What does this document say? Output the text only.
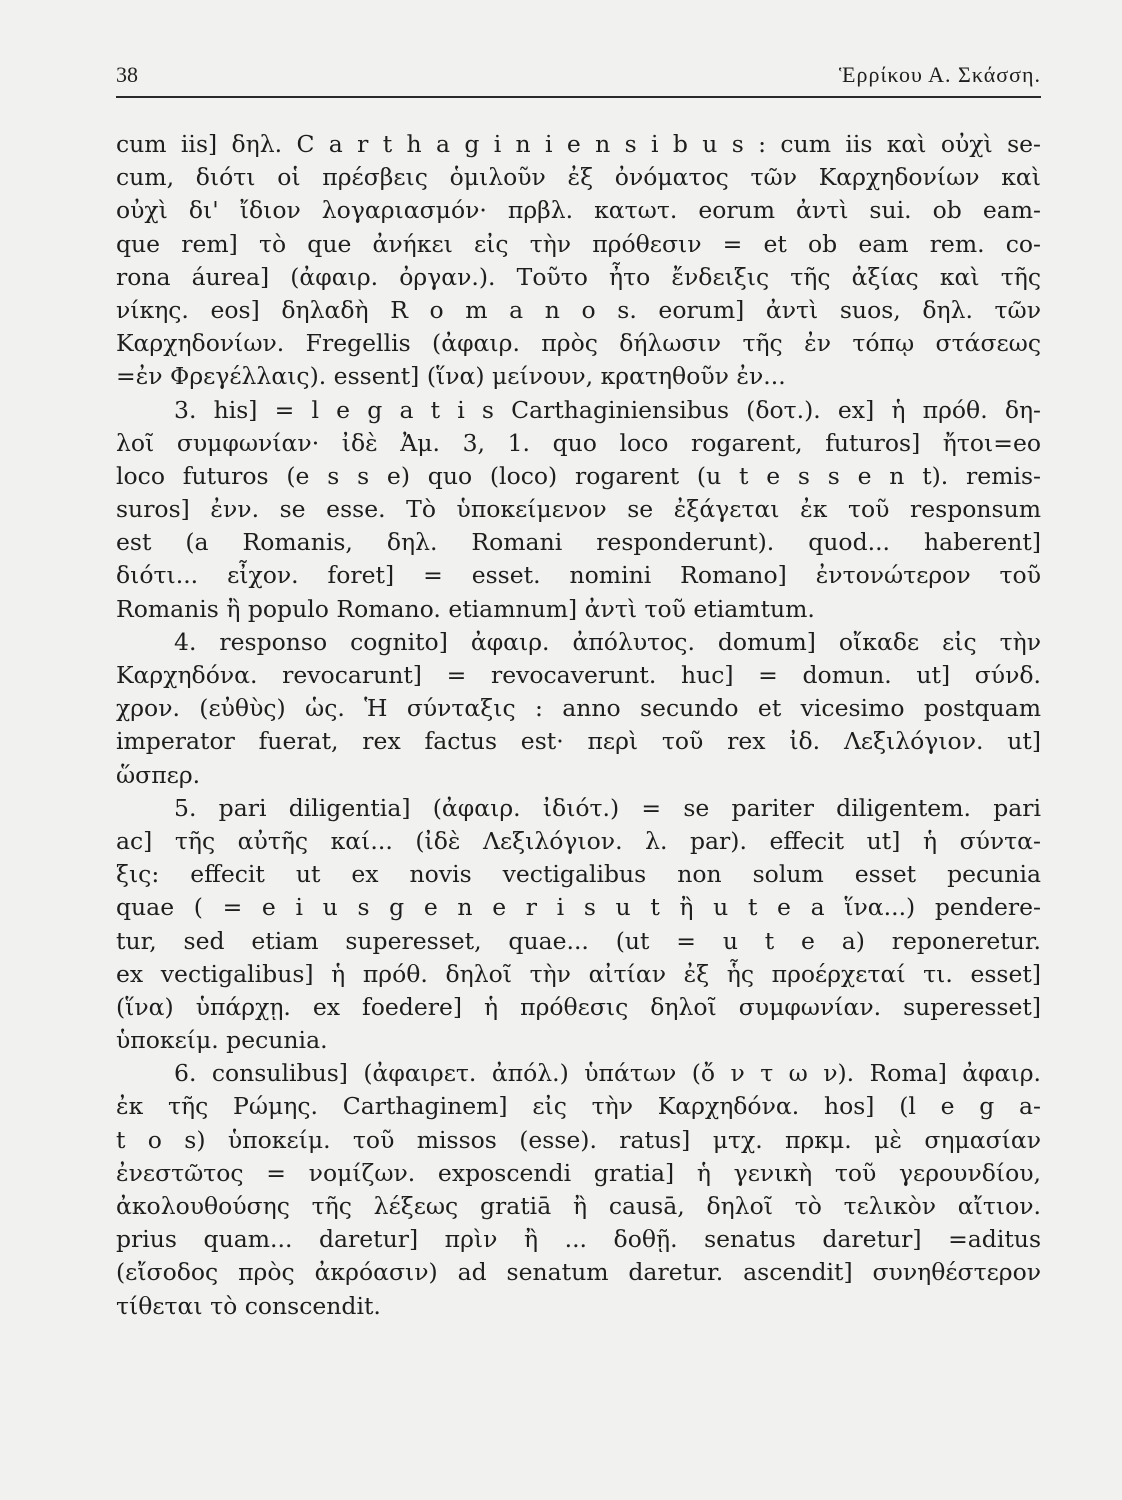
38	Ἑρρίκου Α. Σκάσση.
cum iis] δηλ. C a r t h a g i n i e n s i b u s : cum iis καὶ οὐχὶ se-
cum, διότι οἱ πρέσβεις ὁμιλοῦν ἐξ ὀνόματος τῶν Καρχηδονίων καὶ
οὐχὶ δι' ἴδιον λογαριασμόν· πρβλ. κατωτ. eorum ἀντὶ sui. ob eam-
que rem] τὸ que ἀνήκει εἰς τὴν πρόθεσιν = et ob eam rem. co-
rona áurea] (ἀφαιρ. ὀργαν.). Τοῦτο ἦτο ἔνδειξις τῆς ἀξίας καὶ τῆς
νίκης. eos] δηλαδὴ R o m a n o s. eorum] ἀντὶ suos, δηλ. τῶν
Καρχηδονίων. Fregellis (ἀφαιρ. πρὸς δήλωσιν τῆς ἐν τόπῳ στάσεως
=ἐν Φρεγέλλαις). essent] (ἵνα) μείνουν, κρατηθοῦν ἐν...
3. his] = l e g a t i s Carthaginiensibus (δοτ.). ex] ἡ πρόθ. δη-
λοῖ συμφωνίαν· ἰδὲ Ἀμ. 3, 1. quo loco rogarent, futuros] ἤτοι=eo
loco futuros (e s s e) quo (loco) rogarent (u t e s s e n t). remis-
suros] ἐνν. se esse. Τὸ ὑποκείμενον se ἐξάγεται ἐκ τοῦ responsum
est (a Romanis, δηλ. Romani responderunt). quod... haberent]
διότι... εἶχον. foret] = esset. nomini Romano] ἐντονώτερον τοῦ
Romanis ἢ populo Romano. etiamnum] ἀντὶ τοῦ etiamtum.
4. responso cognito] ἀφαιρ. ἀπόλυτος. domum] οἴκαδε εἰς τὴν
Καρχηδόνα. revocarunt] = revocaverunt. huc] = domun. ut] σύνδ.
χρον. (εὐθὺς) ὡς. Ἡ σύνταξις : anno secundo et vicesimo postquam
imperator fuerat, rex factus est· περὶ τοῦ rex ἰδ. Λεξιλόγιον. ut]
ὥσπερ.
5. pari diligentia] (ἀφαιρ. ἰδιότ.) = se pariter diligentem. pari
ac] τῆς αὐτῆς καί... (ἰδὲ Λεξιλόγιον. λ. par). effecit ut] ἡ σύντα-
ξις: effecit ut ex novis vectigalibus non solum esset pecunia
quae ( = e i u s g e n e r i s u t ἢ u t e a ἵνα...) pendere-
tur, sed etiam superesset, quae... (ut = u t e a) reponeretur.
ex vectigalibus] ἡ πρόθ. δηλοῖ τὴν αἰτίαν ἐξ ἧς προέρχεταί τι. esset]
(ἵνα) ὑπάρχῃ. ex foedere] ἡ πρόθεσις δηλοῖ συμφωνίαν. superesset]
ὑποκείμ. pecunia.
6. consulibus] (ἀφαιρετ. ἀπόλ.) ὑπάτων (ὄ ν τ ω ν). Roma] ἀφαιρ.
ἐκ τῆς Ρώμης. Carthaginem] εἰς τὴν Καρχηδόνα. hos] (l e g a-
t o s) ὑποκείμ. τοῦ missos (esse). ratus] μτχ. πρκμ. μὲ σημασίαν
ἐνεστῶτος = νομίζων. exposcendi gratia] ἡ γενικὴ τοῦ γερουνδίου,
ἀκολουθούσης τῆς λέξεως gratiā ἢ causā, δηλοῖ τὸ τελικὸν αἴτιον.
prius quam... daretur] πρὶν ἢ ... δοθῇ. senatus daretur] =aditus
(εἴσοδος πρὸς ἀκρόασιν) ad senatum daretur. ascendit] συνηθέστερον
τίθεται τὸ conscendit.
